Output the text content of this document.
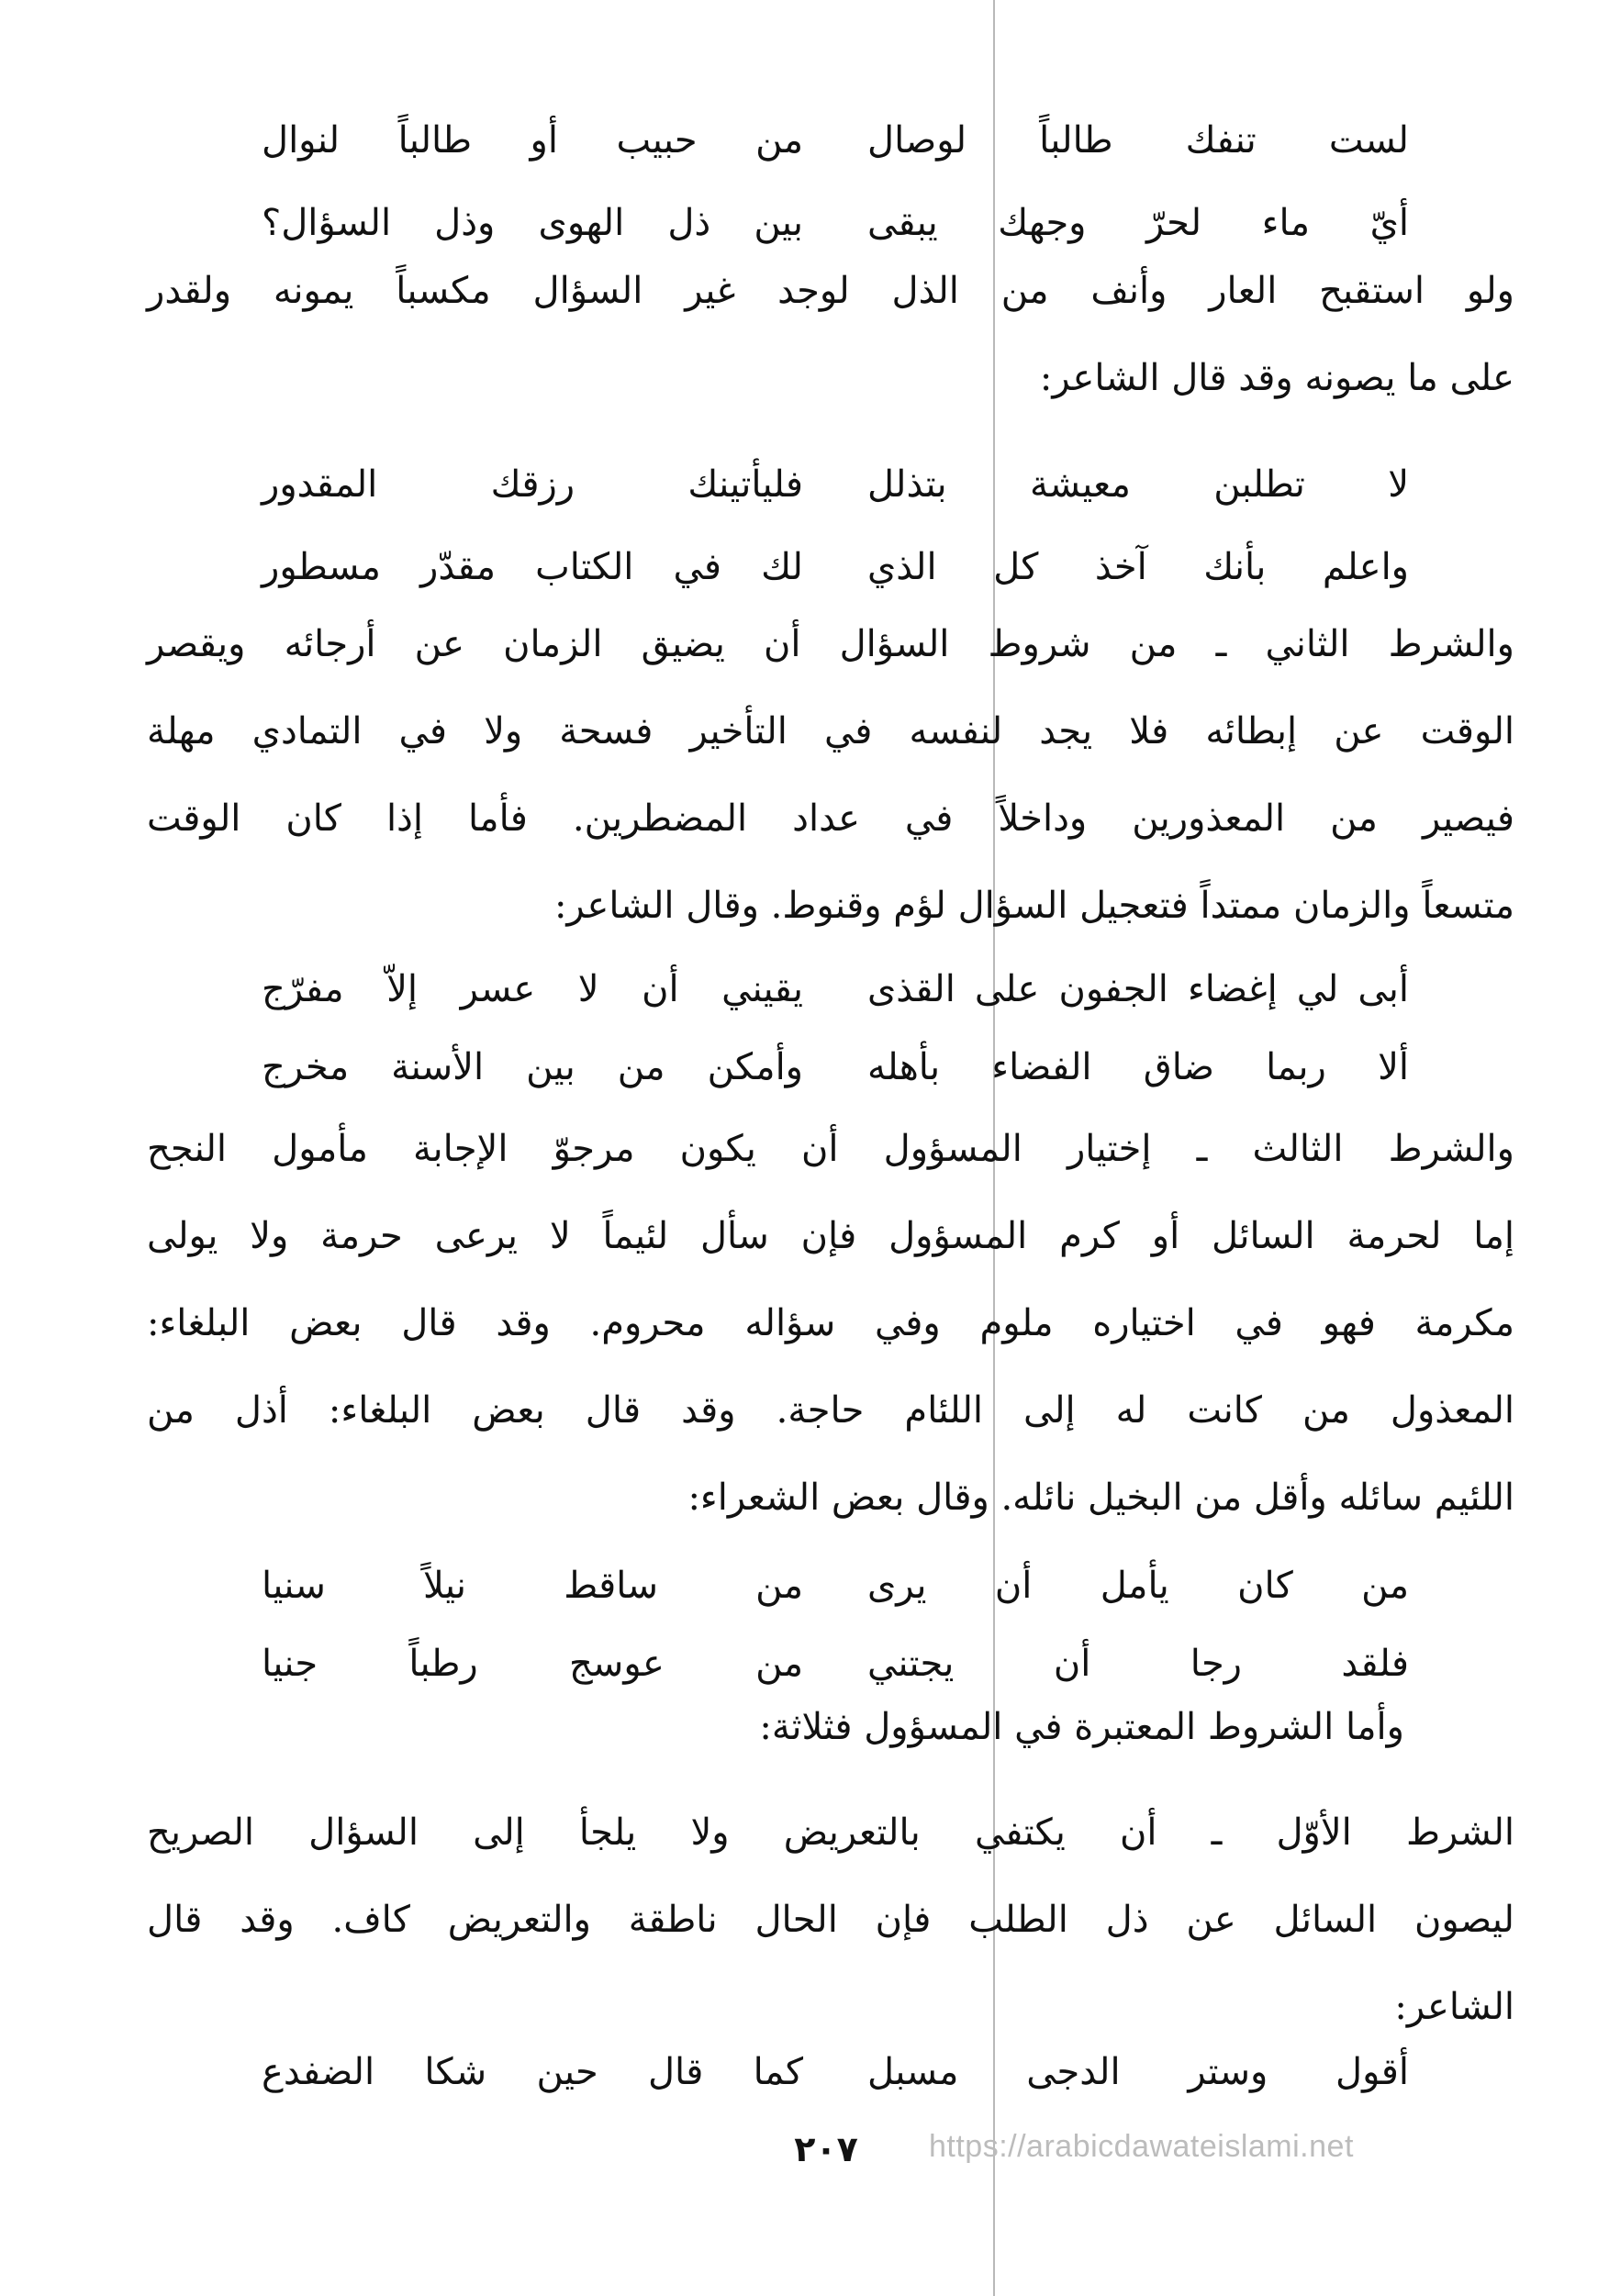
لست تنفك طالباً لوصال
من حبيب أو طالباً لنوال
أيّ ماء لحرّ وجهك يبقى
بين ذل الهوى وذل السؤال؟
ولو استقبح العار وأنف من الذل لوجد غير السؤال مكسباً يمونه ولقدر
على ما يصونه وقد قال الشاعر:
لا تطلبن معيشة بتذلل
فليأتينك رزقك المقدور
واعلم بأنك آخذ كل الذي
لك في الكتاب مقدّر مسطور
والشرط الثاني ـ من شروط السؤال أن يضيق الزمان عن أرجائه ويقصر
الوقت عن إبطائه فلا يجد لنفسه في التأخير فسحة ولا في التمادي مهلة
فيصير من المعذورين وداخلاً في عداد المضطرين. فأما إذا كان الوقت
متسعاً والزمان ممتداً فتعجيل السؤال لؤم وقنوط. وقال الشاعر:
أبى لي إغضاء الجفون على القذى
يقيني أن لا عسر إلاّ مفرّج
ألا ربما ضاق الفضاء بأهله
وأمكن من بين الأسنة مخرج
والشرط الثالث ـ إختيار المسؤول أن يكون مرجوّ الإجابة مأمول النجح
إما لحرمة السائل أو كرم المسؤول فإن سأل لئيماً لا يرعى حرمة ولا يولى
مكرمة فهو في اختياره ملوم وفي سؤاله محروم. وقد قال بعض البلغاء:
المعذول من كانت له إلى اللئام حاجة. وقد قال بعض البلغاء: أذل من
اللئيم سائله وأقل من البخيل نائله. وقال بعض الشعراء:
من كان يأمل أن يرى
من ساقط نيلاً سنيا
فلقد رجا أن يجتني
من عوسج رطباً جنيا
وأما الشروط المعتبرة في المسؤول فثلاثة:
الشرط الأوّل ـ أن يكتفي بالتعريض ولا يلجأ إلى السؤال الصريح
ليصون السائل عن ذل الطلب فإن الحال ناطقة والتعريض كاف. وقد قال
الشاعر:
أقول وستر الدجى مسبل
كما قال حين شكا الضفدع
٢٠٧	https://arabicdawateislami.net
